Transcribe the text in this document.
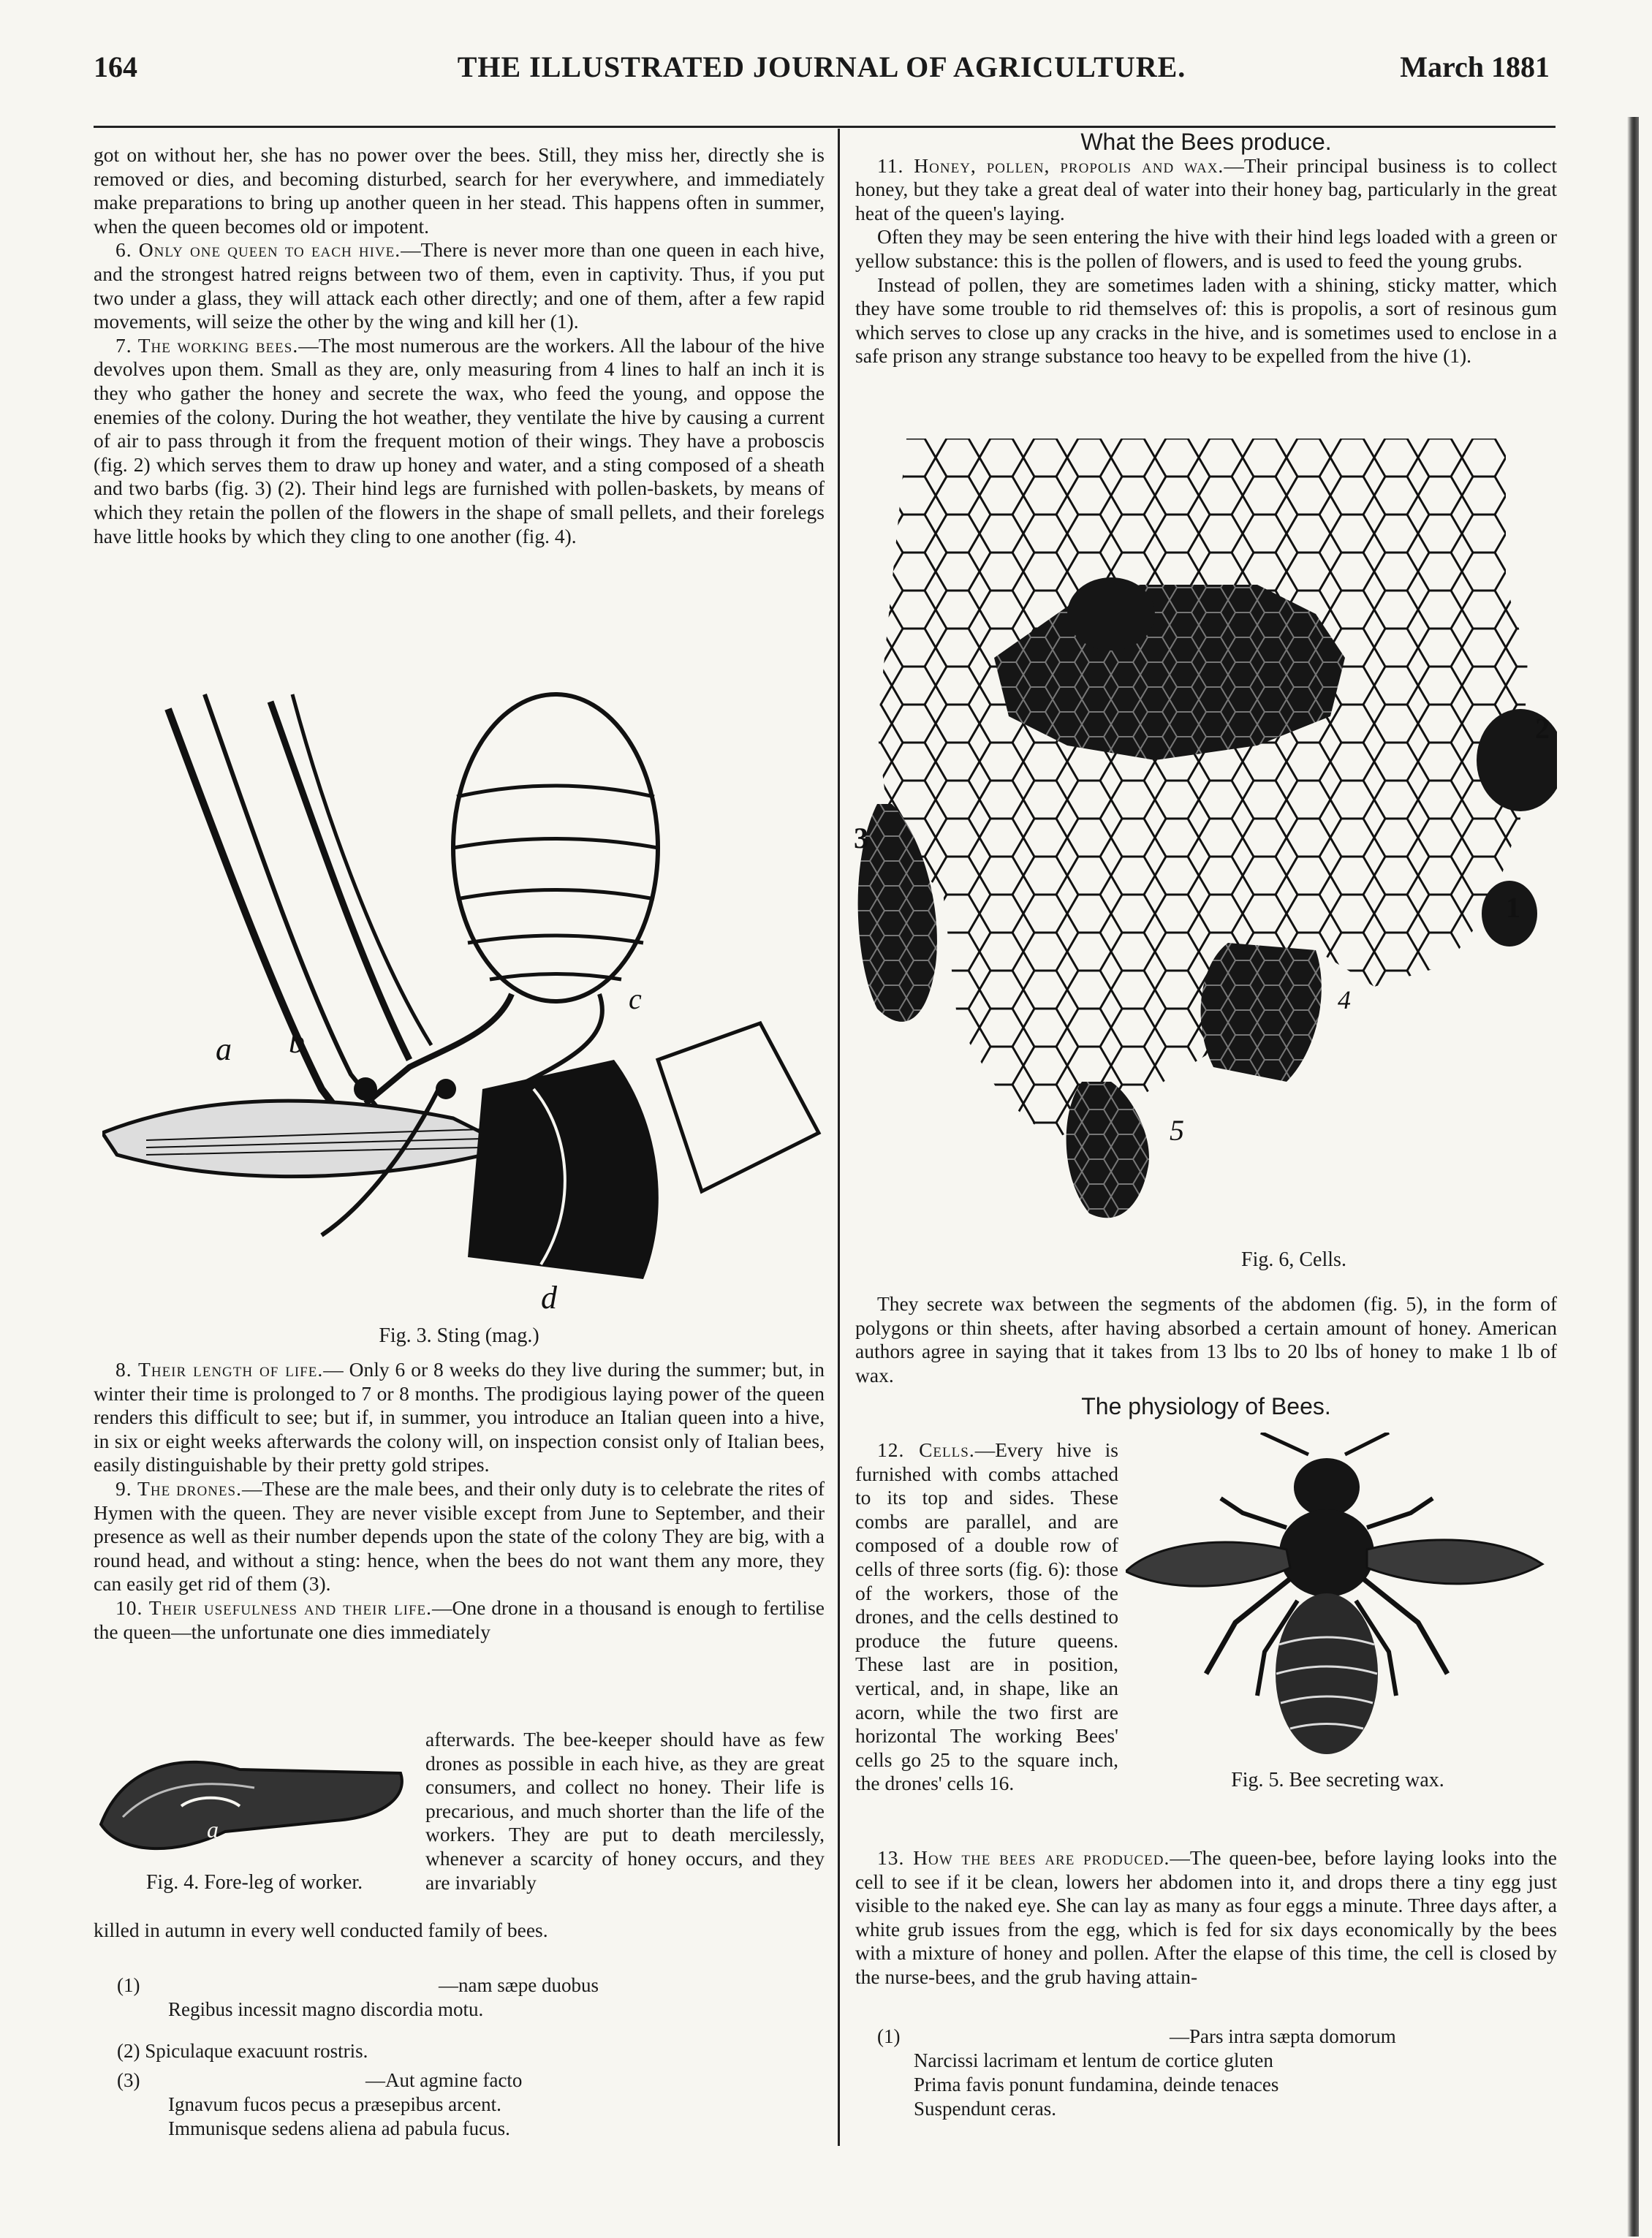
164	THE ILLUSTRATED JOURNAL OF AGRICULTURE.	March 1881

got on without her, she has no power over the bees. Still, they miss her, directly she is removed or dies, and becoming disturbed, search for her everywhere, and immediately make preparations to bring up another queen in her stead. This happens often in summer, when the queen becomes old or impotent.

6. Only one queen to each hive.—There is never more than one queen in each hive, and the strongest hatred reigns between two of them, even in captivity. Thus, if you put two under a glass, they will attack each other directly; and one of them, after a few rapid movements, will seize the other by the wing and kill her (1).

7. The working bees.—The most numerous are the workers. All the labour of the hive devolves upon them. Small as they are, only measuring from 4 lines to half an inch it is they who gather the honey and secrete the wax, who feed the young, and oppose the enemies of the colony. During the hot weather, they ventilate the hive by causing a current of air to pass through it from the frequent motion of their wings. They have a proboscis (fig. 2) which serves them to draw up honey and water, and a sting composed of a sheath and two barbs (fig. 3) (2). Their hind legs are furnished with pollen-baskets, by means of which they retain the pollen of the flowers in the shape of small pellets, and their forelegs have little hooks by which they cling to one another (fig. 4).

a b
c
d
Fig. 3. Sting (mag.)

8. Their length of life.— Only 6 or 8 weeks do they live during the summer; but, in winter their time is prolonged to 7 or 8 months. The prodigious laying power of the queen renders this difficult to see; but if, in summer, you introduce an Italian queen into a hive, in six or eight weeks afterwards the colony will, on inspection consist only of Italian bees, easily distinguishable by their pretty gold stripes.

9. The drones.—These are the male bees, and their only duty is to celebrate the rites of Hymen with the queen. They are never visible except from June to September, and their presence as well as their number depends upon the state of the colony They are big, with a round head, and without a sting: hence, when the bees do not want them any more, they can easily get rid of them (3).

10. Their usefulness and their life.—One drone in a thousand is enough to fertilise the queen—the unfortunate one dies immediately

a
Fig. 4. Fore-leg of worker.

afterwards. The bee-keeper should have as few drones as possible in each hive, as they are great consumers, and collect no honey. Their life is precarious, and much shorter than the life of the workers. They are put to death mercilessly, whenever a scarcity of honey occurs, and they are invariably

killed in autumn in every well conducted family of bees.

(1)	—nam sæpe duobus
Regibus incessit magno discordia motu.
(2) Spiculaque exacuunt rostris.
(3)	—Aut agmine facto
Ignavum fucos pecus a præsepibus arcent.
Immunisque sedens aliena ad pabula fucus.
What the Bees produce.

11. Honey, pollen, propolis and wax.—Their principal business is to collect honey, but they take a great deal of water into their honey bag, particularly in the great heat of the queen's laying.

Often they may be seen entering the hive with their hind legs loaded with a green or yellow substance: this is the pollen of flowers, and is used to feed the young grubs.

Instead of pollen, they are sometimes laden with a shining, sticky matter, which they have some trouble to rid themselves of: this is propolis, a sort of resinous gum which serves to close up any cracks in the hive, and is sometimes used to enclose in a safe prison any strange substance too heavy to be expelled from the hive (1).

1
2
3
4
5
Fig. 6, Cells.

They secrete wax between the segments of the abdomen (fig. 5), in the form of polygons or thin sheets, after having absorbed a certain amount of honey. American authors agree in saying that it takes from 13 lbs to 20 lbs of honey to make 1 lb of wax.

The physiology of Bees.

12. Cells.—Every hive is furnished with combs attached to its top and sides. These combs are parallel, and are composed of a double row of cells of three sorts (fig. 6): those of the workers, those of the drones, and the cells destined to produce the future queens. These last are in position, vertical, and, in shape, like an acorn, while the two first are horizontal The working Bees' cells go 25 to the square inch, the drones' cells 16.	Fig. 5. Bee secreting wax.

13. How the bees are produced.—The queen-bee, before laying looks into the cell to see if it be clean, lowers her abdomen into it, and drops there a tiny egg just visible to the naked eye. She can lay as many as four eggs a minute. Three days after, a white grub issues from the egg, which is fed for six days economically by the bees with a mixture of honey and pollen. After the elapse of this time, the cell is closed by the nurse-bees, and the grub having attain-

(1)	—Pars intra sæpta domorum
Narcissi lacrimam et lentum de cortice gluten
Prima favis ponunt fundamina, deinde tenaces
Suspendunt ceras.
